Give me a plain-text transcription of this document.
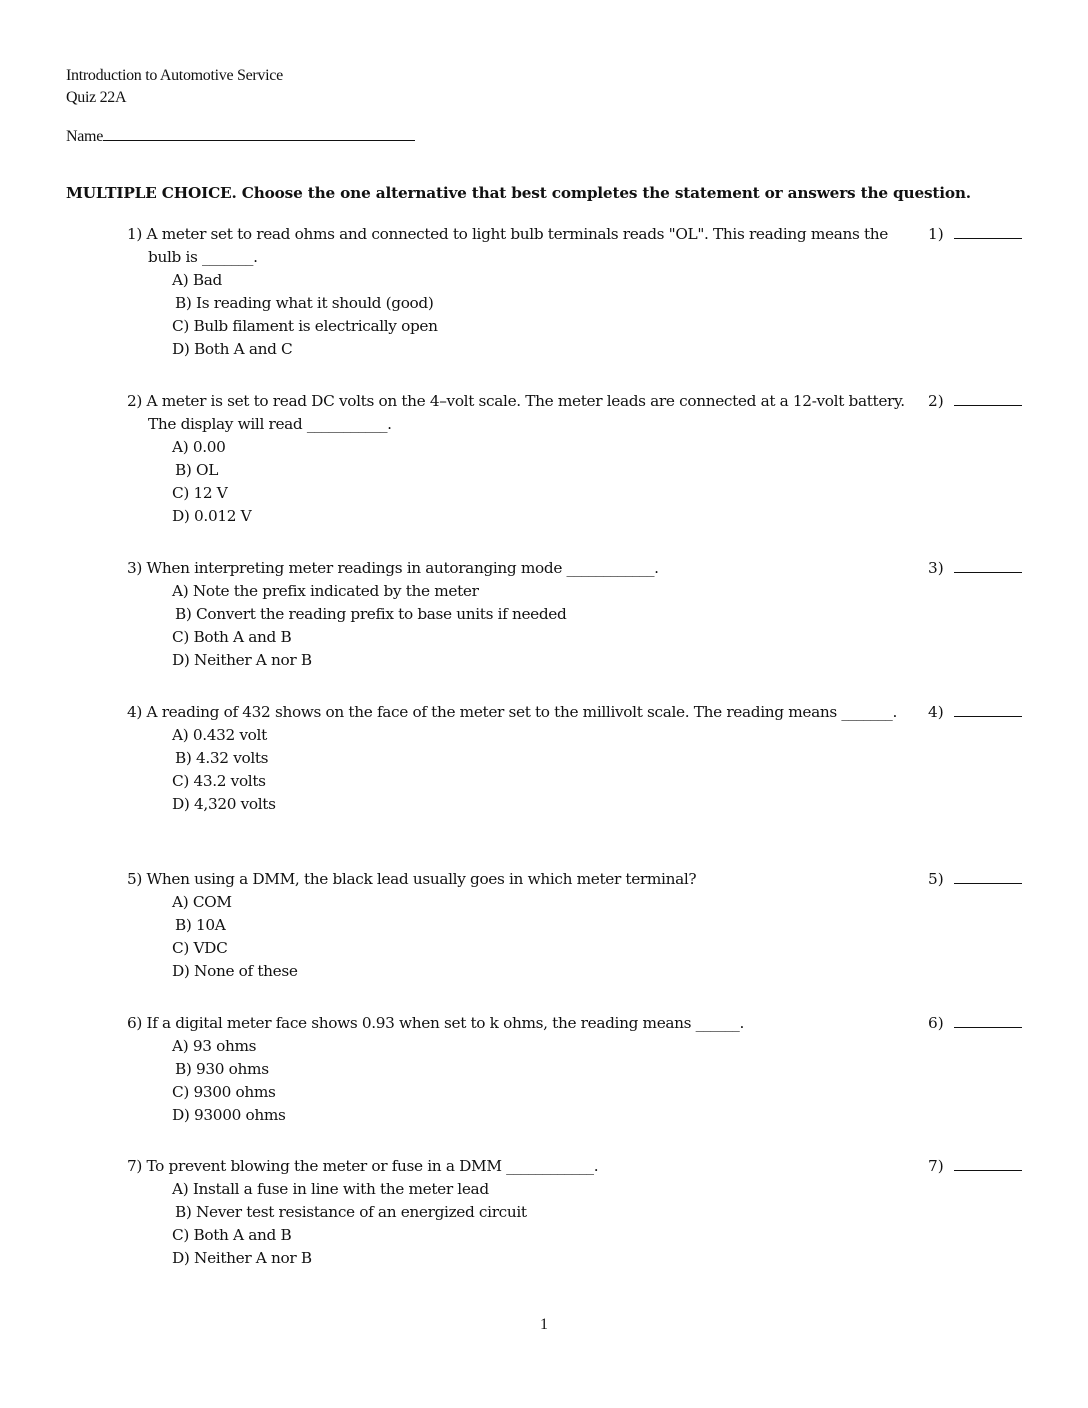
Introduction to Automotive Service
Quiz 22A
Name
MULTIPLE CHOICE. Choose the one alternative that best completes the statement or answers the question.
1) A meter set to read ohms and connected to light bulb terminals reads "OL". This reading means the bulb is _______.
A) Bad
B) Is reading what it should (good)
C) Bulb filament is electrically open
D) Both A and C
1)
2) A meter is set to read DC volts on the 4–volt scale. The meter leads are connected at a 12-volt battery. The display will read ___________.
A) 0.00
B) OL
C) 12 V
D) 0.012 V
2)
3) When interpreting meter readings in autoranging mode ____________.
A) Note the prefix indicated by the meter
B) Convert the reading prefix to base units if needed
C) Both A and B
D) Neither A nor B
3)
4) A reading of 432 shows on the face of the meter set to the millivolt scale. The reading means _______.
A) 0.432 volt
B) 4.32 volts
C) 43.2 volts
D) 4,320 volts
4)
5) When using a DMM, the black lead usually goes in which meter terminal?
A) COM
B) 10A
C) VDC
D) None of these
5)
6) If a digital meter face shows 0.93 when set to k ohms, the reading means ______.
A) 93 ohms
B) 930 ohms
C) 9300 ohms
D) 93000 ohms
6)
7) To prevent blowing the meter or fuse in a DMM ____________.
A) Install a fuse in line with the meter lead
B) Never test resistance of an energized circuit
C) Both A and B
D) Neither A nor B
7)
1
